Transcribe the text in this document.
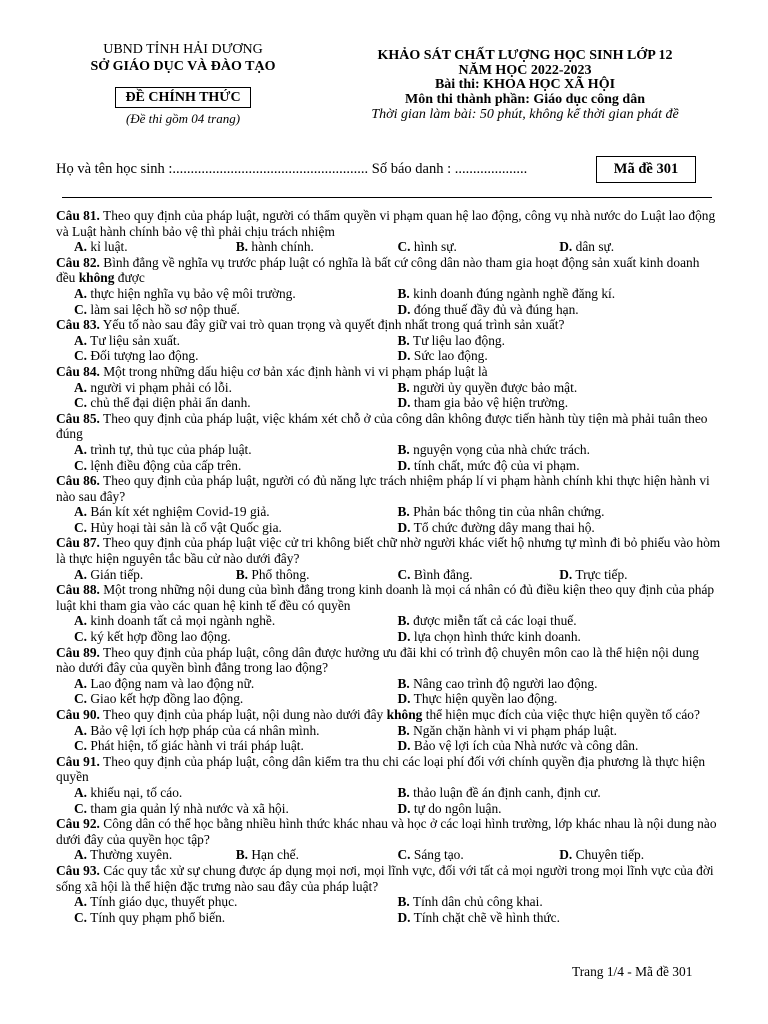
UBND TỈNH HẢI DƯƠNG
SỞ GIÁO DỤC VÀ ĐÀO TẠO
ĐỀ CHÍNH THỨC
(Đề thi gồm 04 trang)
KHẢO SÁT CHẤT LƯỢNG HỌC SINH LỚP 12
NĂM HỌC 2022-2023
Bài thi: KHOA HỌC XÃ HỘI
Môn thi thành phần: Giáo dục công dân
Thời gian làm bài: 50 phút, không kể thời gian phát đề
Họ và tên học sinh :...................................................... Số báo danh : ....................	Mã đề 301
Câu 81. Theo quy định của pháp luật, người có thẩm quyền vi phạm quan hệ lao động, công vụ nhà nước do Luật lao động và Luật hành chính bảo vệ thì phải chịu trách nhiệm
A. kỉ luật.	B. hành chính.	C. hình sự.	D. dân sự.
Câu 82. Bình đẳng về nghĩa vụ trước pháp luật có nghĩa là bất cứ công dân nào tham gia hoạt động sản xuất kinh doanh đều không được
A. thực hiện nghĩa vụ bảo vệ môi trường.	B. kinh doanh đúng ngành nghề đăng kí.
C. làm sai lệch hồ sơ nộp thuế.	D. đóng thuế đầy đủ và đúng hạn.
Câu 83. Yếu tố nào sau đây giữ vai trò quan trọng và quyết định nhất trong quá trình sản xuất?
A. Tư liệu sản xuất.	B. Tư liệu lao động.
C. Đối tượng lao động.	D. Sức lao động.
Câu 84. Một trong những dấu hiệu cơ bản xác định hành vi vi phạm pháp luật là
A. người vi phạm phải có lỗi.	B. người ủy quyền được bảo mật.
C. chủ thể đại diện phải ẩn danh.	D. tham gia bảo vệ hiện trường.
Câu 85. Theo quy định của pháp luật, việc khám xét chỗ ở của công dân không được tiến hành tùy tiện mà phải tuân theo đúng
A. trình tự, thủ tục của pháp luật.	B. nguyện vọng của nhà chức trách.
C. lệnh điều động của cấp trên.	D. tính chất, mức độ của vi phạm.
Câu 86. Theo quy định của pháp luật, người có đủ năng lực trách nhiệm pháp lí vi phạm hành chính khi thực hiện hành vi nào sau đây?
A. Bán kít xét nghiệm Covid-19 giả.	B. Phản bác thông tin của nhân chứng.
C. Hủy hoại tài sản là cổ vật Quốc gia.	D. Tổ chức đường dây mang thai hộ.
Câu 87. Theo quy định của pháp luật việc cử tri không biết chữ nhờ người khác viết hộ nhưng tự mình đi bỏ phiếu vào hòm là thực hiện nguyên tắc bầu cử nào dưới đây?
A. Gián tiếp.	B. Phổ thông.	C. Bình đẳng.	D. Trực tiếp.
Câu 88. Một trong những nội dung của bình đẳng trong kinh doanh là mọi cá nhân có đủ điều kiện theo quy định của pháp luật khi tham gia vào các quan hệ kinh tế đều có quyền
A. kinh doanh tất cả mọi ngành nghề.	B. được miễn tất cả các loại thuế.
C. ký kết hợp đồng lao động.	D. lựa chọn hình thức kinh doanh.
Câu 89. Theo quy định của pháp luật, công dân được hưởng ưu đãi khi có trình độ chuyên môn cao là thể hiện nội dung nào dưới đây của quyền bình đẳng trong lao động?
A. Lao động nam và lao động nữ.	B. Nâng cao trình độ người lao động.
C. Giao kết hợp đồng lao động.	D. Thực hiện quyền lao động.
Câu 90. Theo quy định của pháp luật, nội dung nào dưới đây không thể hiện mục đích của việc thực hiện quyền tố cáo?
A. Bảo vệ lợi ích hợp pháp của cá nhân mình.	B. Ngăn chặn hành vi vi phạm pháp luật.
C. Phát hiện, tố giác hành vi trái pháp luật.	D. Bảo vệ lợi ích của Nhà nước và công dân.
Câu 91. Theo quy định của pháp luật, công dân kiểm tra thu chi các loại phí đối với chính quyền địa phương là thực hiện quyền
A. khiếu nại, tố cáo.	B. thảo luận đề án định canh, định cư.
C. tham gia quản lý nhà nước và xã hội.	D. tự do ngôn luận.
Câu 92. Công dân có thể học bằng nhiều hình thức khác nhau và học ở các loại hình trường, lớp khác nhau là nội dung nào dưới đây của quyền học tập?
A. Thường xuyên.	B. Hạn chế.	C. Sáng tạo.	D. Chuyên tiếp.
Câu 93. Các quy tắc xử sự chung được áp dụng mọi nơi, mọi lĩnh vực, đối với tất cả mọi người trong mọi lĩnh vực của đời sống xã hội là thể hiện đặc trưng nào sau đây của pháp luật?
A. Tính giáo dục, thuyết phục.	B. Tính dân chủ công khai.
C. Tính quy phạm phổ biến.	D. Tính chặt chẽ về hình thức.
Trang 1/4 - Mã đề 301
